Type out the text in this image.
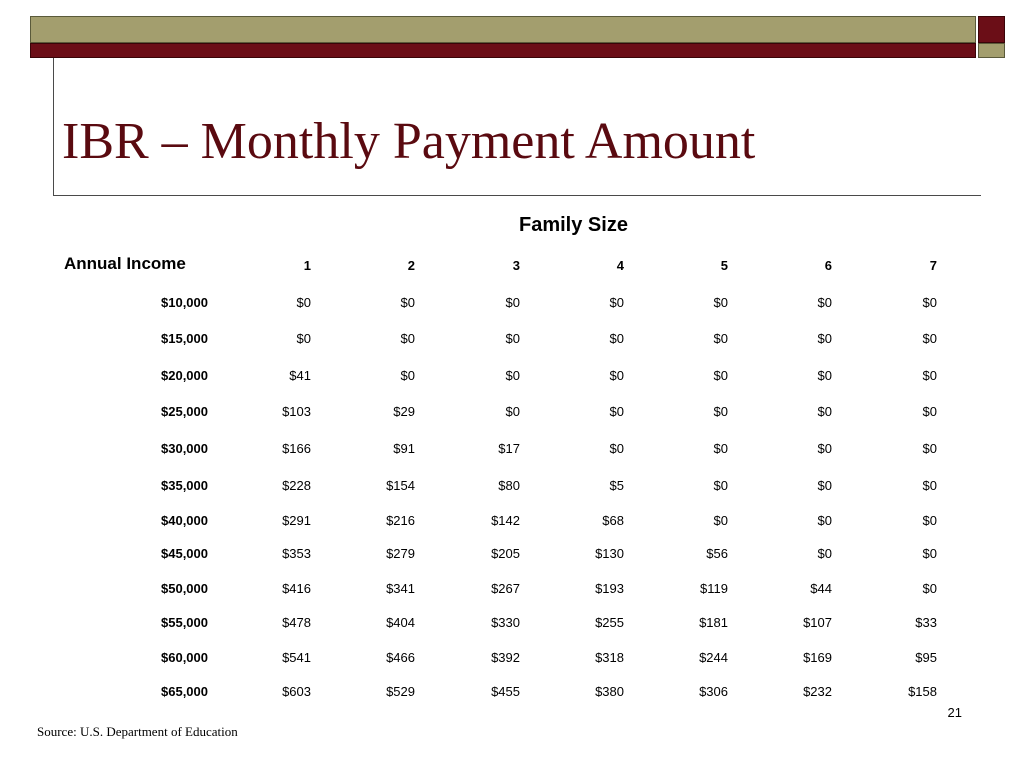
IBR – Monthly Payment Amount
Family Size
Annual Income	1	2	3	4	5	6	7
$10,000	$0	$0	$0	$0	$0	$0	$0
$15,000	$0	$0	$0	$0	$0	$0	$0
$20,000	$41	$0	$0	$0	$0	$0	$0
$25,000	$103	$29	$0	$0	$0	$0	$0
$30,000	$166	$91	$17	$0	$0	$0	$0
$35,000	$228	$154	$80	$5	$0	$0	$0
$40,000	$291	$216	$142	$68	$0	$0	$0
$45,000	$353	$279	$205	$130	$56	$0	$0
$50,000	$416	$341	$267	$193	$119	$44	$0
$55,000	$478	$404	$330	$255	$181	$107	$33
$60,000	$541	$466	$392	$318	$244	$169	$95
$65,000	$603	$529	$455	$380	$306	$232	$158
21
Source: U.S. Department of Education
